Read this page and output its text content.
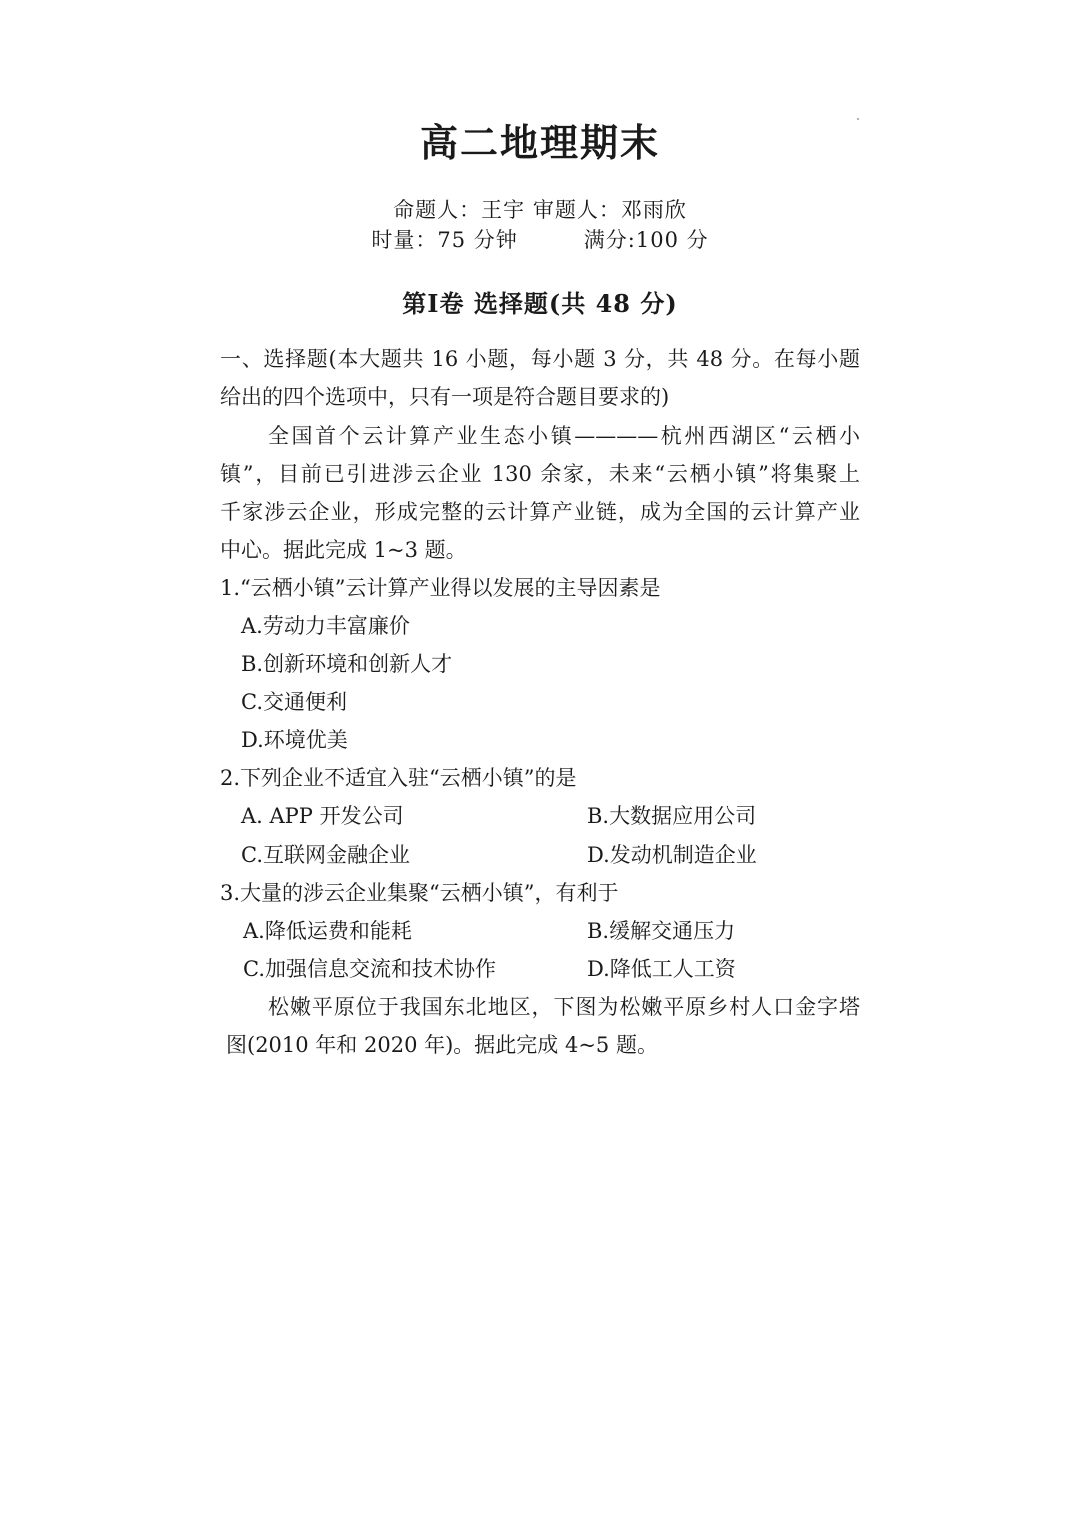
高二地理期末
命题人：王宇 审题人：邓雨欣
时量：75 分钟	满分:100 分
第Ⅰ卷 选择题(共 48 分)
一、选择题(本大题共 16 小题，每小题 3 分，共 48 分。在每小题
给出的四个选项中，只有一项是符合题目要求的)
全国首个云计算产业生态小镇————杭州西湖区“云栖小
镇”，目前已引进涉云企业 130 余家，未来“云栖小镇”将集聚上
千家涉云企业，形成完整的云计算产业链，成为全国的云计算产业
中心。据此完成 1~3 题。
1.“云栖小镇”云计算产业得以发展的主导因素是
A.劳动力丰富廉价
B.创新环境和创新人才
C.交通便利
D.环境优美
2.下列企业不适宜入驻“云栖小镇”的是
A. APP 开发公司	B.大数据应用公司
C.互联网金融企业	D.发动机制造企业
3.大量的涉云企业集聚“云栖小镇”，有利于
A.降低运费和能耗	B.缓解交通压力
C.加强信息交流和技术协作	D.降低工人工资
松嫩平原位于我国东北地区，下图为松嫩平原乡村人口金字塔
图(2010 年和 2020 年)。据此完成 4~5 题。
